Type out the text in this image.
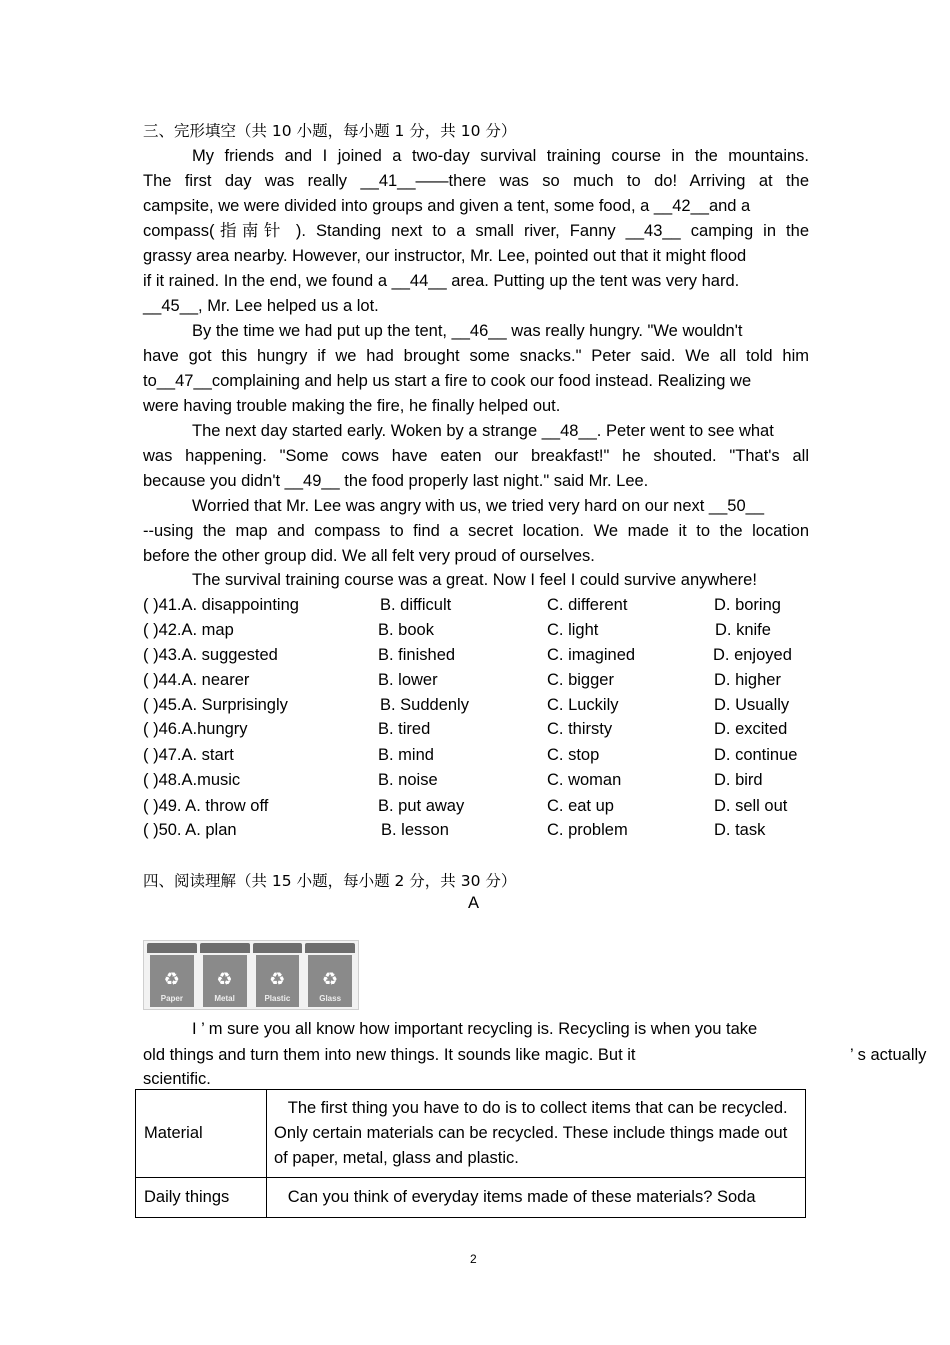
三、完形填空（共 10 小题，每小题 1 分，共 10 分）
My friends and I joined a two-day survival training course in the mountains.
The first day was really __41__——there was so much to do! Arriving at the
campsite, we were divided into groups and given a tent, some food, a __42__and a
compass(指南针 ). Standing next to a small river, Fanny __43__ camping in the
grassy area nearby. However, our instructor, Mr. Lee, pointed out that it might flood
if it rained. In the end, we found a __44__ area. Putting up the tent was very hard.
__45__, Mr. Lee helped us a lot.
By the time we had put up the tent, __46__ was really hungry. "We wouldn't
have got this hungry if we had brought some snacks." Peter said. We all told him
to__47__complaining and help us start a fire to cook our food instead. Realizing we
were having trouble making the fire, he finally helped out.
The next day started early. Woken by a strange __48__. Peter went to see what
was happening. "Some cows have eaten our breakfast!" he shouted. "That's all
because you didn't __49__ the food properly last night." said Mr. Lee.
Worried that Mr. Lee was angry with us, we tried very hard on our next __50__
--using the map and compass to find a secret location. We made it to the location
before the other group did. We all felt very proud of ourselves.
The survival training course was a great. Now I feel I could survive anywhere!
( )41.A. disappointing	B. difficult	C. different	D. boring
( )42.A. map	B. book	C. light	D. knife
( )43.A. suggested	B. finished	C. imagined	D. enjoyed
( )44.A. nearer	B. lower	C. bigger	D. higher
( )45.A. Surprisingly	B. Suddenly	C. Luckily	D. Usually
( )46.A.hungry	B. tired	C. thirsty	D. excited
( )47.A. start	B. mind	C. stop	D. continue
( )48.A.music	B. noise	C. woman	D. bird
( )49. A. throw off	B. put away	C. eat up	D. sell out
( )50. A. plan	B. lesson	C. problem	D. task
四、阅读理解（共 15 小题，每小题 2 分，共 30 分）
A
♻
Paper
♻
Metal
♻
Plastic
♻
Glass
I ’ m sure you all know how important recycling is. Recycling is when you take
old things and turn them into new things. It sounds like magic. But it	’ s actually
scientific.
Material	The first thing you have to do is to collect items that can be recycled. Only certain materials can be recycled. These include things made out of paper, metal, glass and plastic.
Daily things	Can you think of everyday items made of these materials? Soda
2
